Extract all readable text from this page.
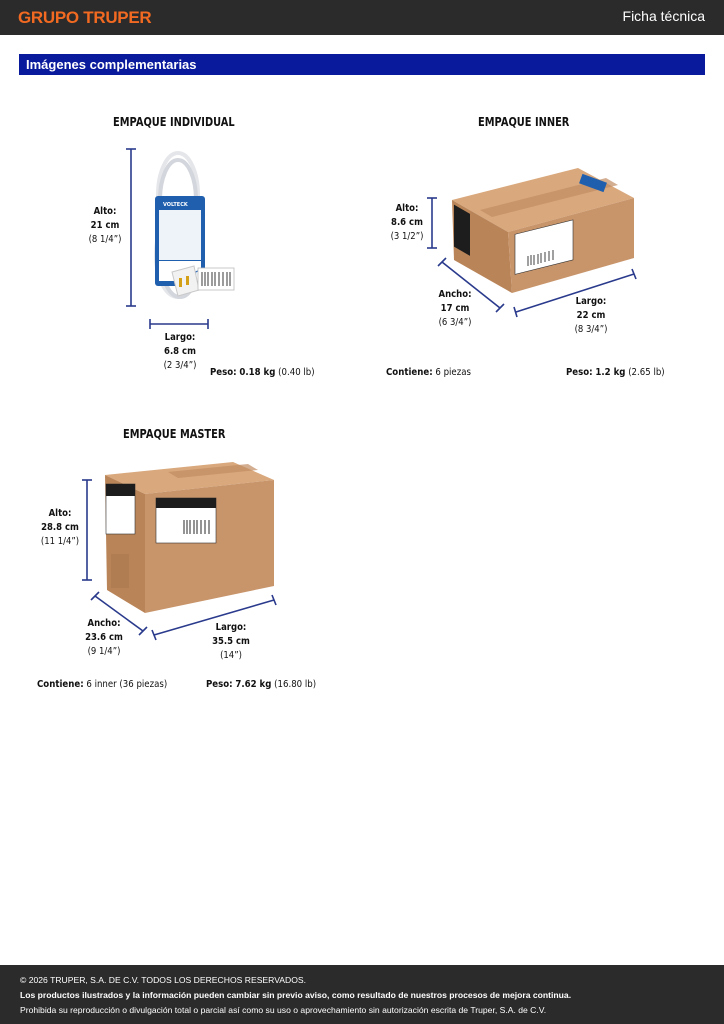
GRUPO TRUPER	Ficha técnica
Imágenes complementarias
EMPAQUE INDIVIDUAL
VOLTECK
Alto:
21 cm
(8 1/4”)
Largo:
6.8 cm
(2 3/4”)
Peso: 0.18 kg (0.40 lb)
EMPAQUE INNER
Alto:
8.6 cm
(3 1/2”)
Ancho:
17 cm
(6 3/4”)
Largo:
22 cm
(8 3/4”)
Contiene: 6 piezas	Peso: 1.2 kg (2.65 lb)
EMPAQUE MASTER
Alto:
28.8 cm
(11 1/4”)
Ancho:
23.6 cm
(9 1/4”)
Largo:
35.5 cm
(14”)
Contiene: 6 inner (36 piezas)	Peso: 7.62 kg (16.80 lb)
© 2026 TRUPER, S.A. DE C.V. TODOS LOS DERECHOS RESERVADOS.
Los productos ilustrados y la información pueden cambiar sin previo aviso, como resultado de nuestros procesos de mejora continua.
Prohibida su reproducción o divulgación total o parcial así como su uso o aprovechamiento sin autorización escrita de Truper, S.A. de C.V.
